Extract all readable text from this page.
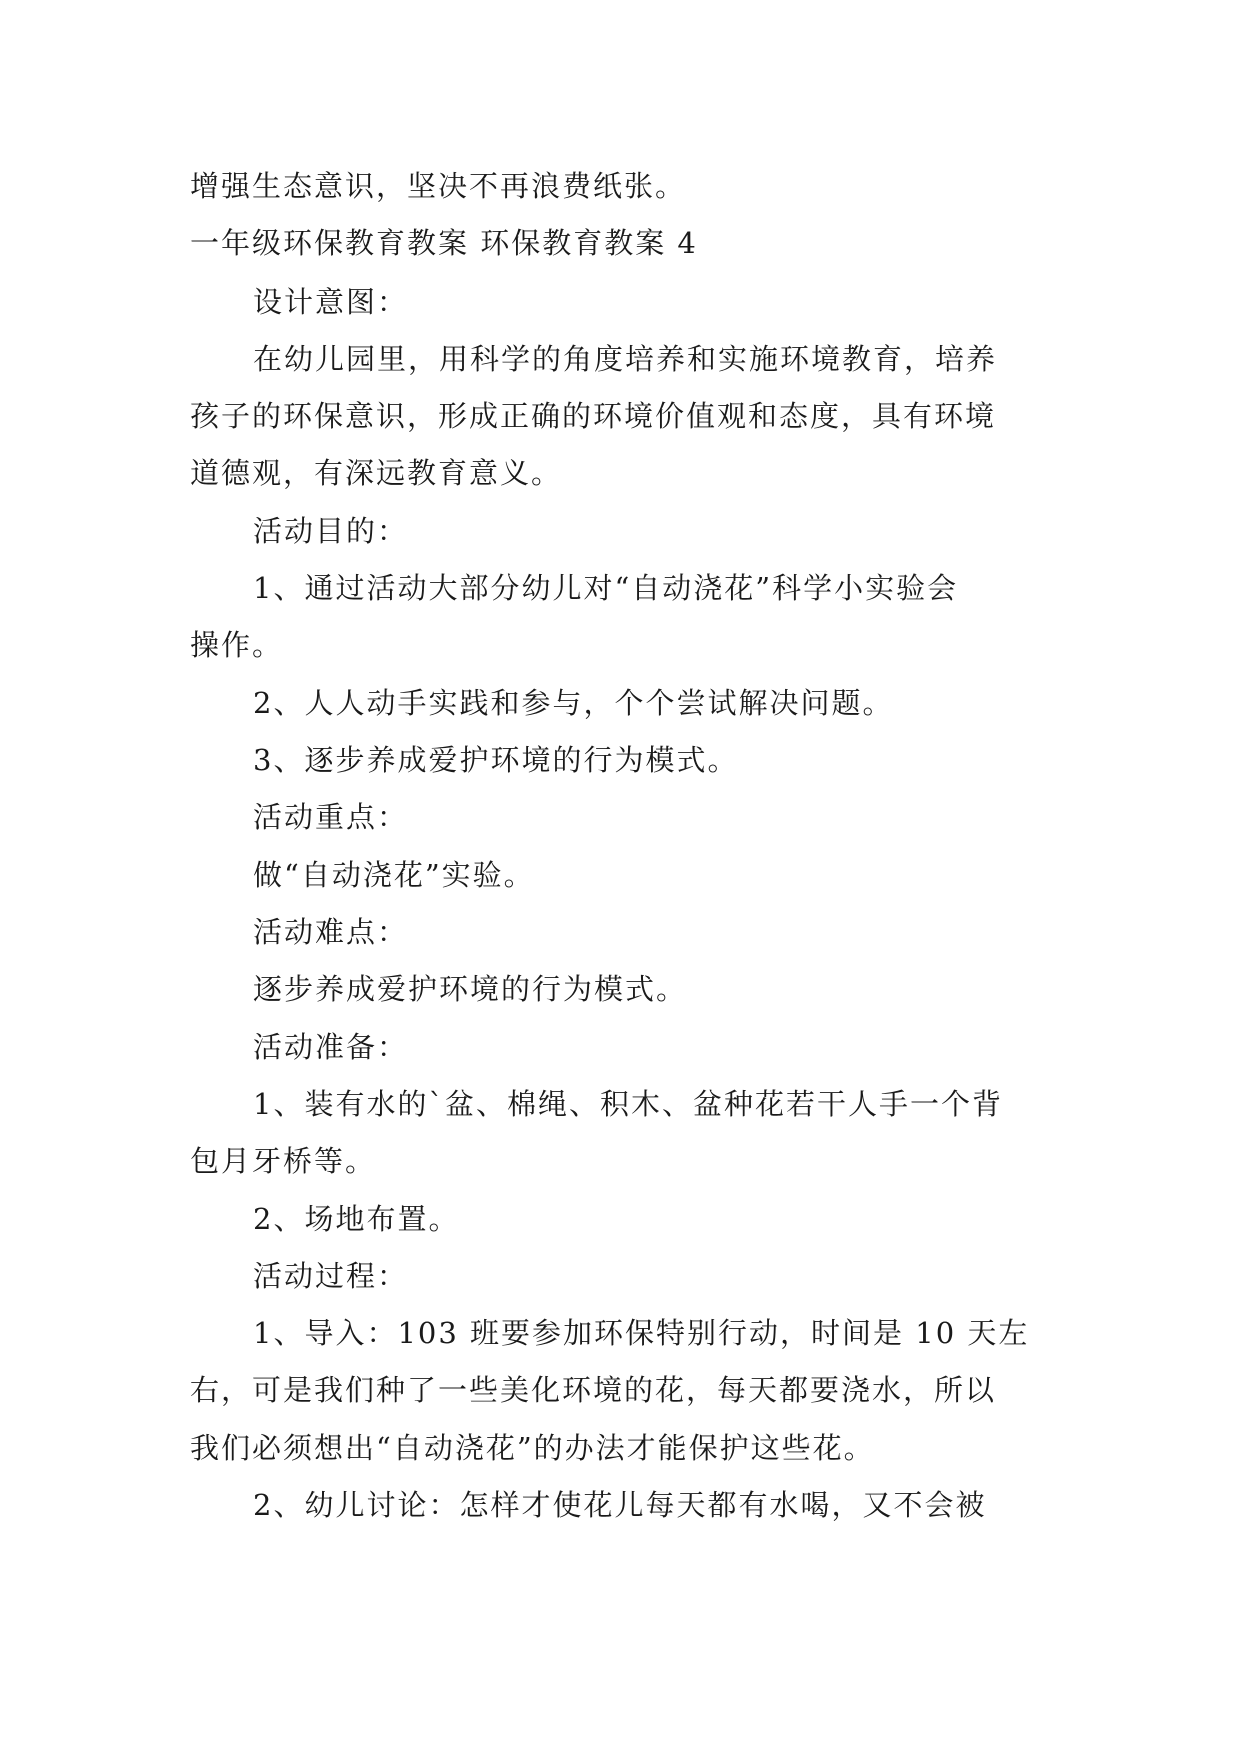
增强生态意识，坚决不再浪费纸张。

一年级环保教育教案 环保教育教案 4

设计意图：

在幼儿园里，用科学的角度培养和实施环境教育，培养

孩子的环保意识，形成正确的环境价值观和态度，具有环境

道德观，有深远教育意义。

活动目的：

1、通过活动大部分幼儿对“自动浇花”科学小实验会

操作。

2、人人动手实践和参与，个个尝试解决问题。

3、逐步养成爱护环境的行为模式。

活动重点：

做“自动浇花”实验。

活动难点：

逐步养成爱护环境的行为模式。

活动准备：

1、装有水的`盆、棉绳、积木、盆种花若干人手一个背

包月牙桥等。

2、场地布置。

活动过程：

1、导入：103 班要参加环保特别行动，时间是 10 天左

右，可是我们种了一些美化环境的花，每天都要浇水，所以

我们必须想出“自动浇花”的办法才能保护这些花。

2、幼儿讨论：怎样才使花儿每天都有水喝，又不会被
